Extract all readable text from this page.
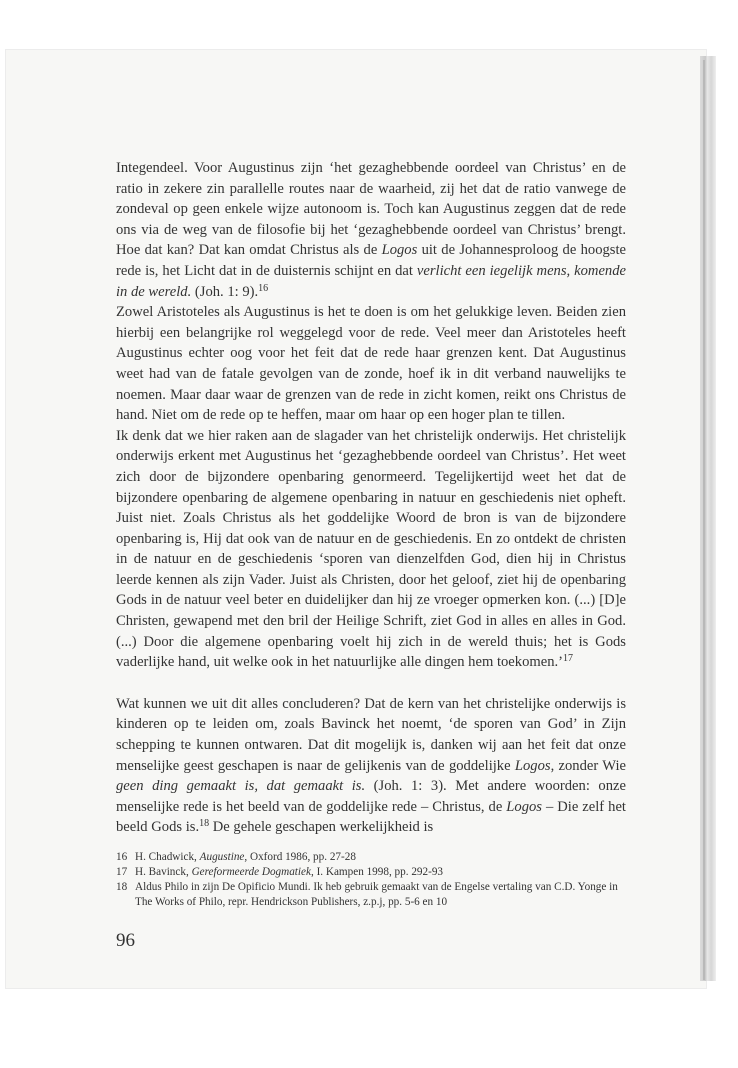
Integendeel. Voor Augustinus zijn ‘het gezaghebbende oordeel van Christus’ en de ratio in zekere zin parallelle routes naar de waarheid, zij het dat de ratio vanwege de zondeval op geen enkele wijze autonoom is. Toch kan Augustinus zeggen dat de rede ons via de weg van de filosofie bij het ‘gezaghebbende oordeel van Christus’ brengt. Hoe dat kan? Dat kan omdat Christus als de Logos uit de Johannesproloog de hoogste rede is, het Licht dat in de duisternis schijnt en dat verlicht een iegelijk mens, komende in de wereld. (Joh. 1: 9).$^{16}$

Zowel Aristoteles als Augustinus is het te doen is om het gelukkige leven. Beiden zien hierbij een belangrijke rol weggelegd voor de rede. Veel meer dan Aristoteles heeft Augustinus echter oog voor het feit dat de rede haar grenzen kent. Dat Augustinus weet had van de fatale gevolgen van de zonde, hoef ik in dit verband nauwelijks te noemen. Maar daar waar de grenzen van de rede in zicht komen, reikt ons Christus de hand. Niet om de rede op te heffen, maar om haar op een hoger plan te tillen.

Ik denk dat we hier raken aan de slagader van het christelijk onderwijs. Het christelijk onderwijs erkent met Augustinus het ‘gezaghebbende oordeel van Christus’. Het weet zich door de bijzondere openbaring genormeerd. Tegelijkertijd weet het dat de bijzondere openbaring de algemene openbaring in natuur en geschiedenis niet opheft. Juist niet. Zoals Christus als het goddelijke Woord de bron is van de bijzondere openbaring is, Hij dat ook van de natuur en de geschiedenis. En zo ontdekt de christen in de natuur en de geschiedenis ‘sporen van dienzelfden God, dien hij in Christus leerde kennen als zijn Vader. Juist als Christen, door het geloof, ziet hij de openbaring Gods in de natuur veel beter en duidelijker dan hij ze vroeger opmerken kon. (...) [D]e Christen, gewapend met den bril der Heilige Schrift, ziet God in alles en alles in God. (...) Door die algemene openbaring voelt hij zich in de wereld thuis; het is Gods vaderlijke hand, uit welke ook in het natuurlijke alle dingen hem toekomen.’$^{17}$

Wat kunnen we uit dit alles concluderen? Dat de kern van het christelijke onderwijs is kinderen op te leiden om, zoals Bavinck het noemt, ‘de sporen van God’ in Zijn schepping te kunnen ontwaren. Dat dit mogelijk is, danken wij aan het feit dat onze menselijke geest geschapen is naar de gelijkenis van de goddelijke Logos, zonder Wie geen ding gemaakt is, dat gemaakt is. (Joh. 1: 3). Met andere woorden: onze menselijke rede is het beeld van de goddelijke rede – Christus, de Logos – Die zelf het beeld Gods is.$^{18}$ De gehele geschapen werkelijkheid is

16 H. Chadwick, Augustine, Oxford 1986, pp. 27-28
17 H. Bavinck, Gereformeerde Dogmatiek, I. Kampen 1998, pp. 292-93
18 Aldus Philo in zijn De Opificio Mundi. Ik heb gebruik gemaakt van de Engelse vertaling van C.D. Yonge in The Works of Philo, repr. Hendrickson Publishers, z.p.j, pp. 5-6 en 10
96
